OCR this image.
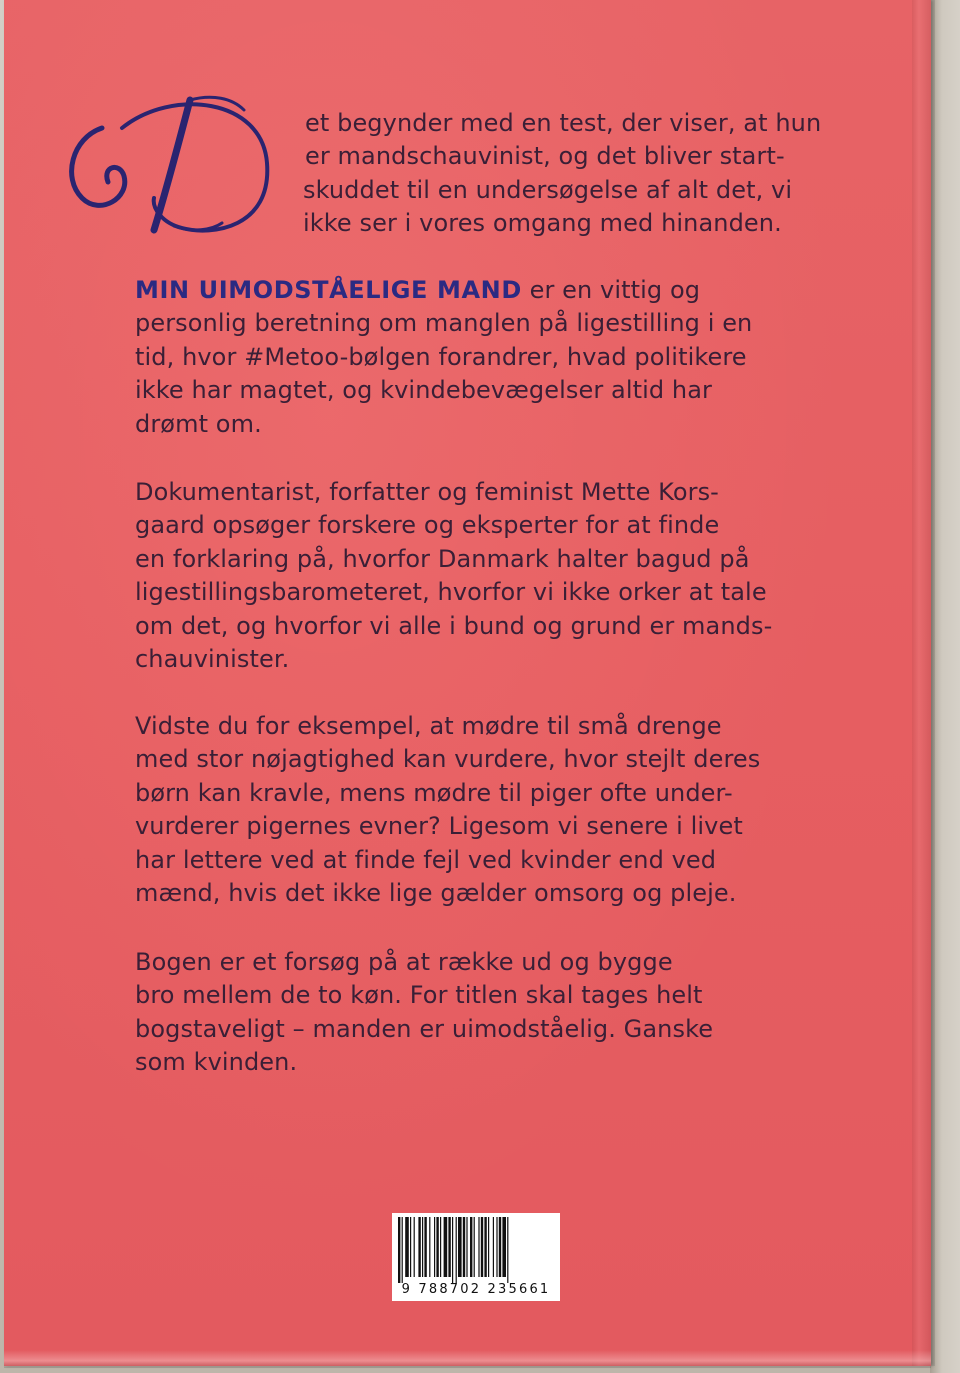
et begynder med en test, der viser, at hun
er mandschauvinist, og det bliver start-
skuddet til en undersøgelse af alt det, vi
ikke ser i vores omgang med hinanden.
MIN UIMODSTÅELIGE MAND er en vittig og
personlig beretning om manglen på ligestilling i en
tid, hvor #Metoo-bølgen forandrer, hvad politikere
ikke har magtet, og kvindebevægelser altid har
drømt om.
Dokumentarist, forfatter og feminist Mette Kors-
gaard opsøger forskere og eksperter for at finde
en forklaring på, hvorfor Danmark halter bagud på
ligestillingsbarometeret, hvorfor vi ikke orker at tale
om det, og hvorfor vi alle i bund og grund er mands-
chauvinister.
Vidste du for eksempel, at mødre til små drenge
med stor nøjagtighed kan vurdere, hvor stejlt deres
børn kan kravle, mens mødre til piger ofte under-
vurderer pigernes evner? Ligesom vi senere i livet
har lettere ved at finde fejl ved kvinder end ved
mænd, hvis det ikke lige gælder omsorg og pleje.
Bogen er et forsøg på at række ud og bygge
bro mellem de to køn. For titlen skal tages helt
bogstaveligt – manden er uimodståelig. Ganske
som kvinden.
9 788702 235661
